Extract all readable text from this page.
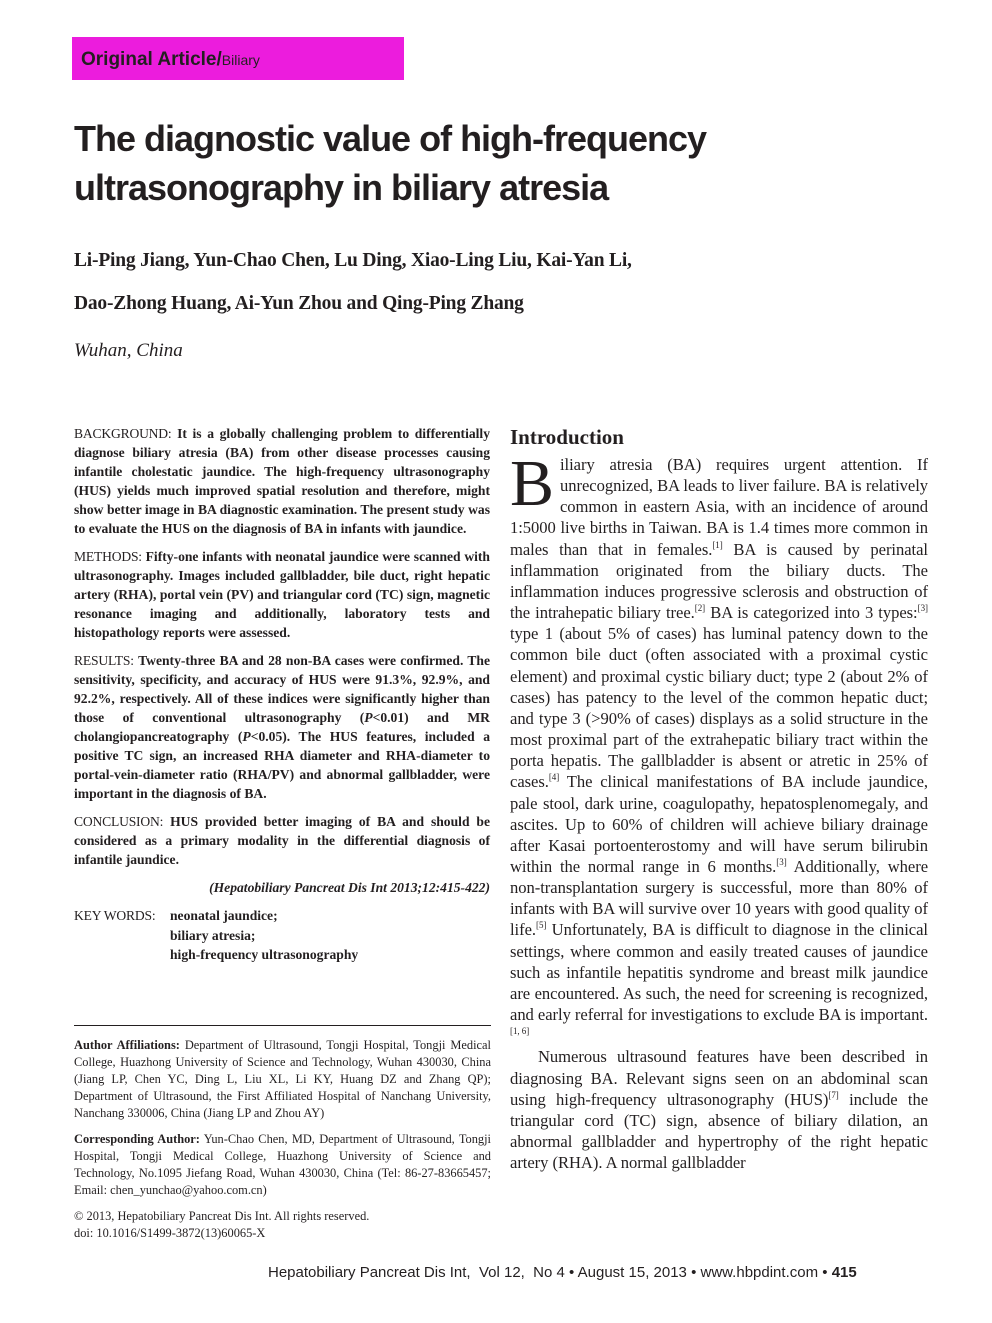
Original Article/Biliary
The diagnostic value of high-frequency ultrasonography in biliary atresia
Li-Ping Jiang, Yun-Chao Chen, Lu Ding, Xiao-Ling Liu, Kai-Yan Li,
Dao-Zhong Huang, Ai-Yun Zhou and Qing-Ping Zhang
Wuhan, China

BACKGROUND: It is a globally challenging problem to differentially diagnose biliary atresia (BA) from other disease processes causing infantile cholestatic jaundice. The high-frequency ultrasonography (HUS) yields much improved spatial resolution and therefore, might show better image in BA diagnostic examination. The present study was to evaluate the HUS on the diagnosis of BA in infants with jaundice.

METHODS: Fifty-one infants with neonatal jaundice were scanned with ultrasonography. Images included gallbladder, bile duct, right hepatic artery (RHA), portal vein (PV) and triangular cord (TC) sign, magnetic resonance imaging and additionally, laboratory tests and histopathology reports were assessed.

RESULTS: Twenty-three BA and 28 non-BA cases were confirmed. The sensitivity, specificity, and accuracy of HUS were 91.3%, 92.9%, and 92.2%, respectively. All of these indices were significantly higher than those of conventional ultrasonography (P<0.01) and MR cholangiopancreatography (P<0.05). The HUS features, included a positive TC sign, an increased RHA diameter and RHA-diameter to portal-vein-diameter ratio (RHA/PV) and abnormal gallbladder, were important in the diagnosis of BA.

CONCLUSION: HUS provided better imaging of BA and should be considered as a primary modality in the differential diagnosis of infantile jaundice.

(Hepatobiliary Pancreat Dis Int 2013;12:415-422)

KEY WORDS:	neonatal jaundice;
biliary atresia;
high-frequency ultrasonography

Author Affiliations: Department of Ultrasound, Tongji Hospital, Tongji Medical College, Huazhong University of Science and Technology, Wuhan 430030, China (Jiang LP, Chen YC, Ding L, Liu XL, Li KY, Huang DZ and Zhang QP); Department of Ultrasound, the First Affiliated Hospital of Nanchang University, Nanchang 330006, China (Jiang LP and Zhou AY)

Corresponding Author: Yun-Chao Chen, MD, Department of Ultrasound, Tongji Hospital, Tongji Medical College, Huazhong University of Science and Technology, No.1095 Jiefang Road, Wuhan 430030, China (Tel: 86-27-83665457; Email: chen_yunchao@yahoo.com.cn)

© 2013, Hepatobiliary Pancreat Dis Int. All rights reserved.
doi: 10.1016/S1499-3872(13)60065-X
Introduction

Biliary atresia (BA) requires urgent attention. If unrecognized, BA leads to liver failure. BA is relatively common in eastern Asia, with an incidence of around 1:5000 live births in Taiwan. BA is 1.4 times more common in males than that in females.[1] BA is caused by perinatal inflammation originated from the biliary ducts. The inflammation induces progressive sclerosis and obstruction of the intrahepatic biliary tree.[2] BA is categorized into 3 types:[3] type 1 (about 5% of cases) has luminal patency down to the common bile duct (often associated with a proximal cystic element) and proximal cystic biliary duct; type 2 (about 2% of cases) has patency to the level of the common hepatic duct; and type 3 (>90% of cases) displays as a solid structure in the most proximal part of the extrahepatic biliary tract within the porta hepatis. The gallbladder is absent or atretic in 25% of cases.[4] The clinical manifestations of BA include jaundice, pale stool, dark urine, coagulopathy, hepatosplenomegaly, and ascites. Up to 60% of children will achieve biliary drainage after Kasai portoenterostomy and will have serum bilirubin within the normal range in 6 months.[3] Additionally, where non-transplantation surgery is successful, more than 80% of infants with BA will survive over 10 years with good quality of life.[5] Unfortunately, BA is difficult to diagnose in the clinical settings, where common and easily treated causes of jaundice such as infantile hepatitis syndrome and breast milk jaundice are encountered. As such, the need for screening is recognized, and early referral for investigations to exclude BA is important.[1, 6]

Numerous ultrasound features have been described in diagnosing BA. Relevant signs seen on an abdominal scan using high-frequency ultrasonography (HUS)[7] include the triangular cord (TC) sign, absence of biliary dilation, an abnormal gallbladder and hypertrophy of the right hepatic artery (RHA). A normal gallbladder

Hepatobiliary Pancreat Dis Int, Vol 12, No 4 • August 15, 2013 • www.hbpdint.com • 415
